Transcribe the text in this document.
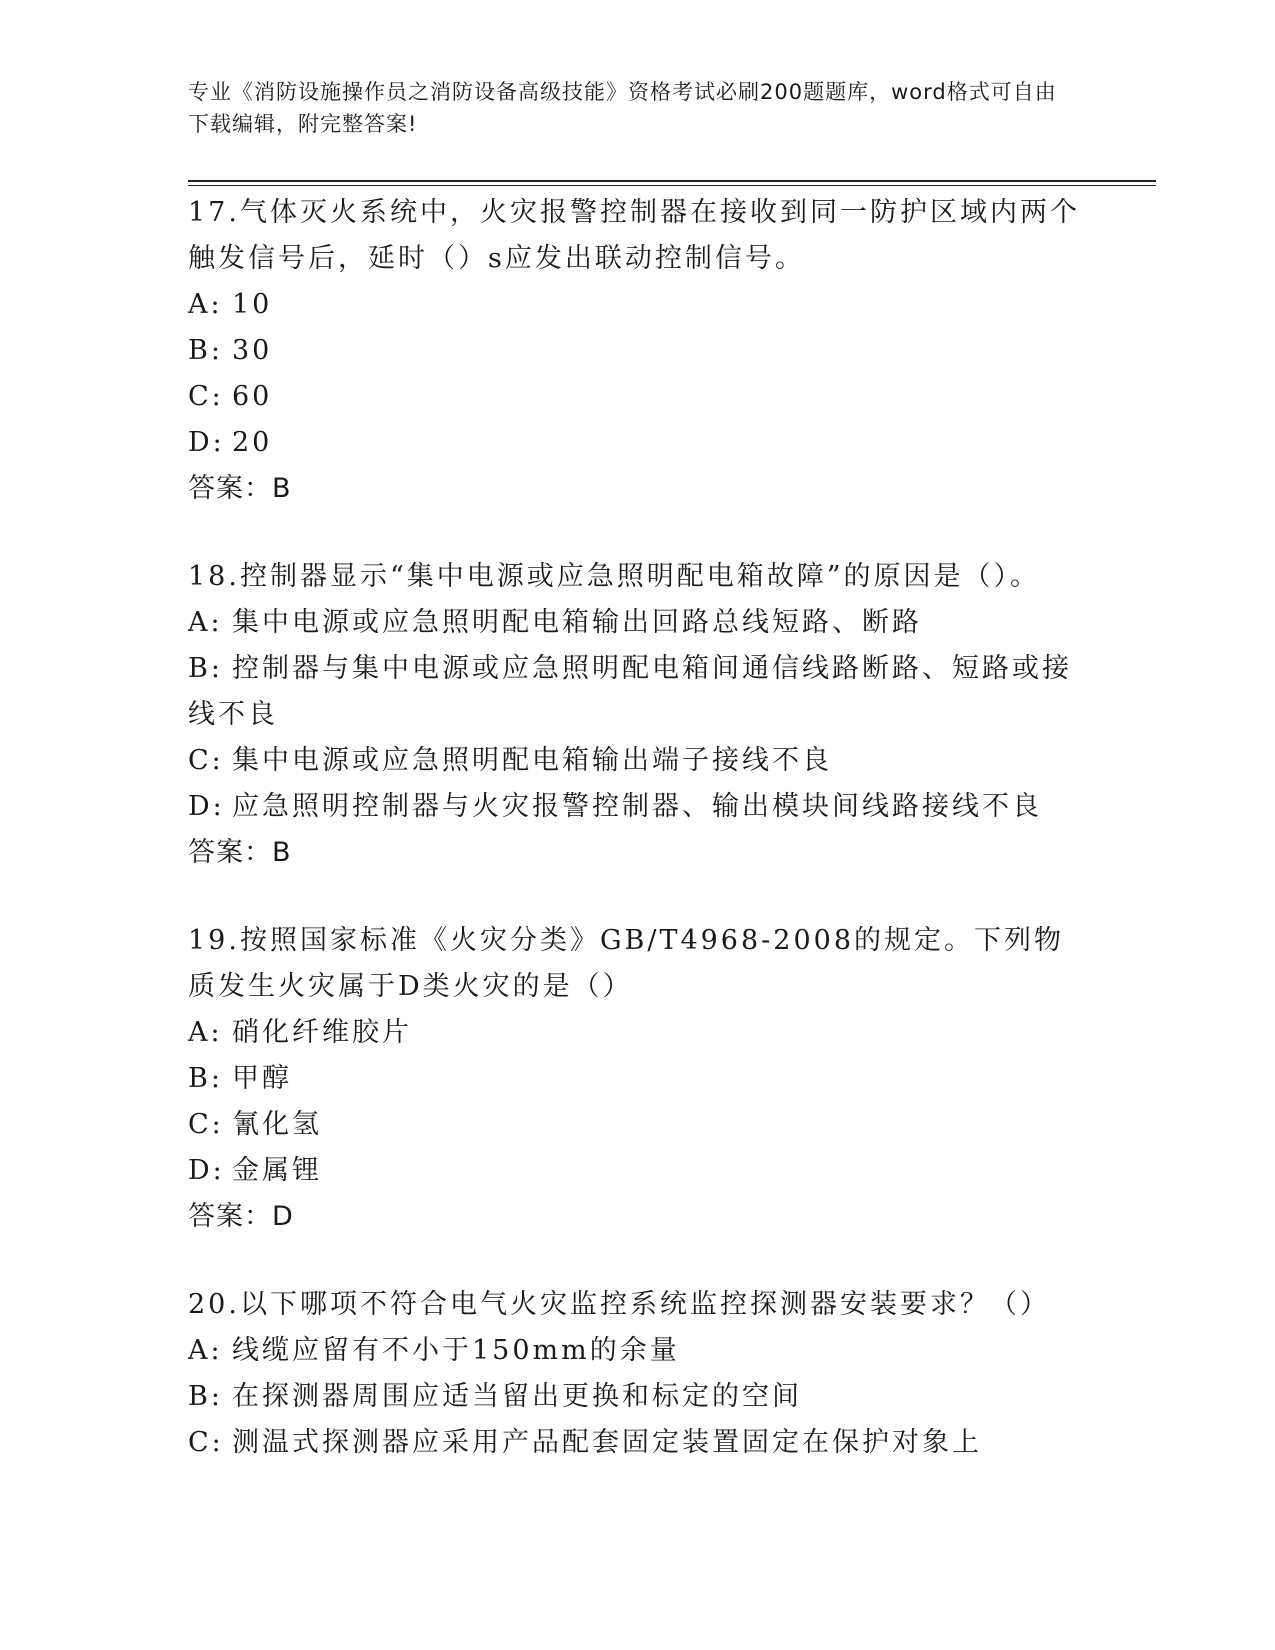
专业《消防设施操作员之消防设备高级技能》资格考试必刷200题题库，word格式可自由下载编辑，附完整答案!

17.气体灭火系统中，火灾报警控制器在接收到同一防护区域内两个触发信号后，延时（）s应发出联动控制信号。

A: 10

B: 30

C: 60

D: 20

答案：B

18.控制器显示“集中电源或应急照明配电箱故障”的原因是（）。

A: 集中电源或应急照明配电箱输出回路总线短路、断路

B: 控制器与集中电源或应急照明配电箱间通信线路断路、短路或接线不良

C: 集中电源或应急照明配电箱输出端子接线不良

D: 应急照明控制器与火灾报警控制器、输出模块间线路接线不良

答案：B

19.按照国家标准《火灾分类》GB/T4968-2008的规定。下列物质发生火灾属于D类火灾的是（）

A: 硝化纤维胶片

B: 甲醇

C: 氰化氢

D: 金属锂

答案：D

20.以下哪项不符合电气火灾监控系统监控探测器安装要求？（）

A: 线缆应留有不小于150mm的余量

B: 在探测器周围应适当留出更换和标定的空间

C: 测温式探测器应采用产品配套固定装置固定在保护对象上
